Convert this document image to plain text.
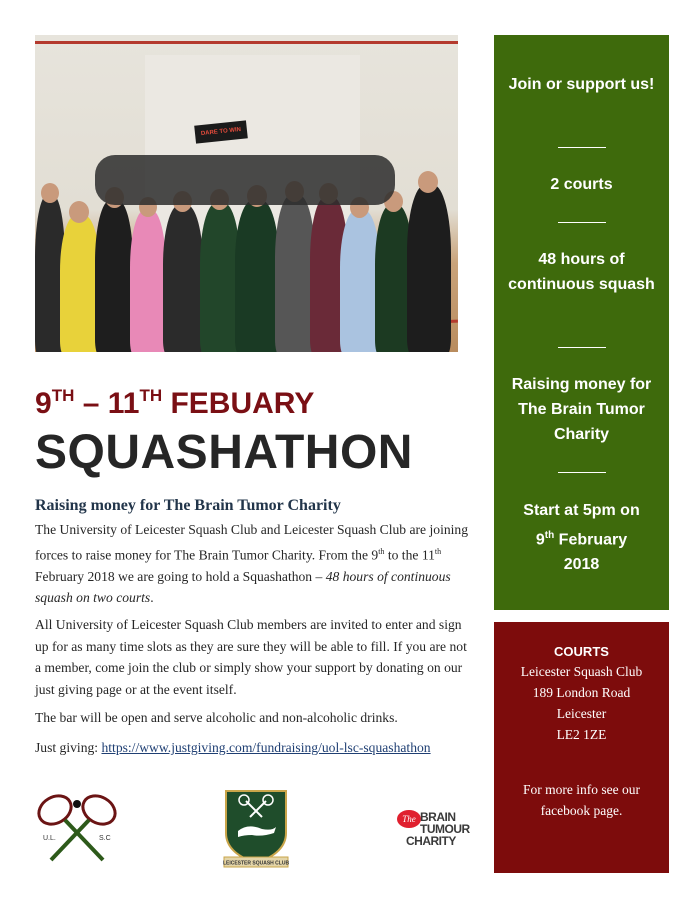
DARE TO WIN
9TH – 11TH FEBUARY
SQUASHATHON
Raising money for The Brain Tumor Charity
The University of Leicester Squash Club and Leicester Squash Club are joining forces to raise money for The Brain Tumor Charity. From the 9th to the 11th February 2018 we are going to hold a Squashathon – 48 hours of continuous squash on two courts.
All University of Leicester Squash Club members are invited to enter and sign up for as many time slots as they are sure they will be able to fill. If you are not a member, come join the club or simply show your support by donating on our just giving page or at the event itself.
The bar will be open and serve alcoholic and non-alcoholic drinks.
Just giving: https://www.justgiving.com/fundraising/uol-lsc-squashathon
Join or support us!
2 courts
48 hours of continuous squash
Raising money for The Brain Tumor Charity
Start at 5pm on
9th February
2018
COURTS
Leicester Squash Club
189 London Road
Leicester
LE2 1ZE
For more info see our facebook page.
U.L.	S.C
LEICESTER SQUASH CLUB
The BRAIN
TUMOUR
CHARITY
